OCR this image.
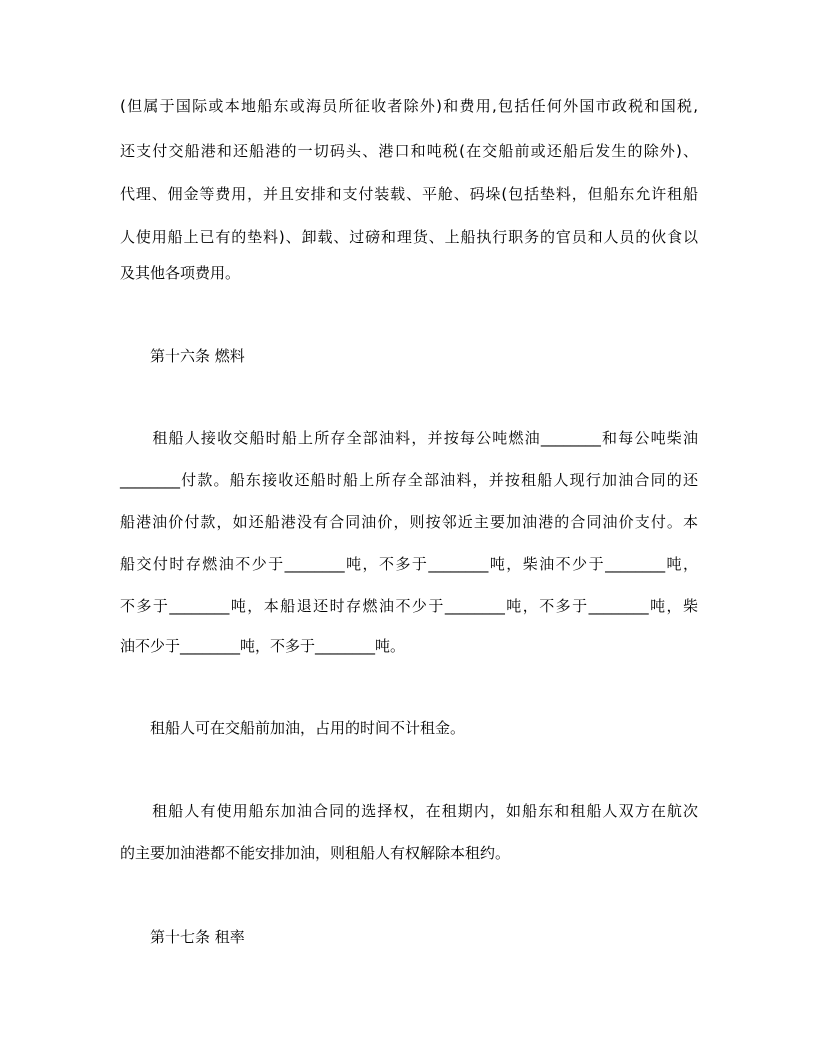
(但属于国际或本地船东或海员所征收者除外)和费用,包括任何外国市政税和国税,
还支付交船港和还船港的一切码头、港口和吨税(在交船前或还船后发生的除外)、
代理、佣金等费用，并且安排和支付装载、平舱、码垛(包括垫料，但船东允许租船
人使用船上已有的垫料)、卸载、过磅和理货、上船执行职务的官员和人员的伙食以
及其他各项费用。
第十六条 燃料
　　租船人接收交船时船上所存全部油料，并按每公吨燃油________和每公吨柴油
________付款。船东接收还船时船上所存全部油料，并按租船人现行加油合同的还
船港油价付款，如还船港没有合同油价，则按邻近主要加油港的合同油价支付。本
船交付时存燃油不少于________吨，不多于________吨，柴油不少于________吨，
不多于________吨，本船退还时存燃油不少于________吨，不多于________吨，柴
油不少于________吨，不多于________吨。
　　租船人可在交船前加油，占用的时间不计租金。
　　租船人有使用船东加油合同的选择权，在租期内，如船东和租船人双方在航次
的主要加油港都不能安排加油，则租船人有权解除本租约。
第十七条 租率
